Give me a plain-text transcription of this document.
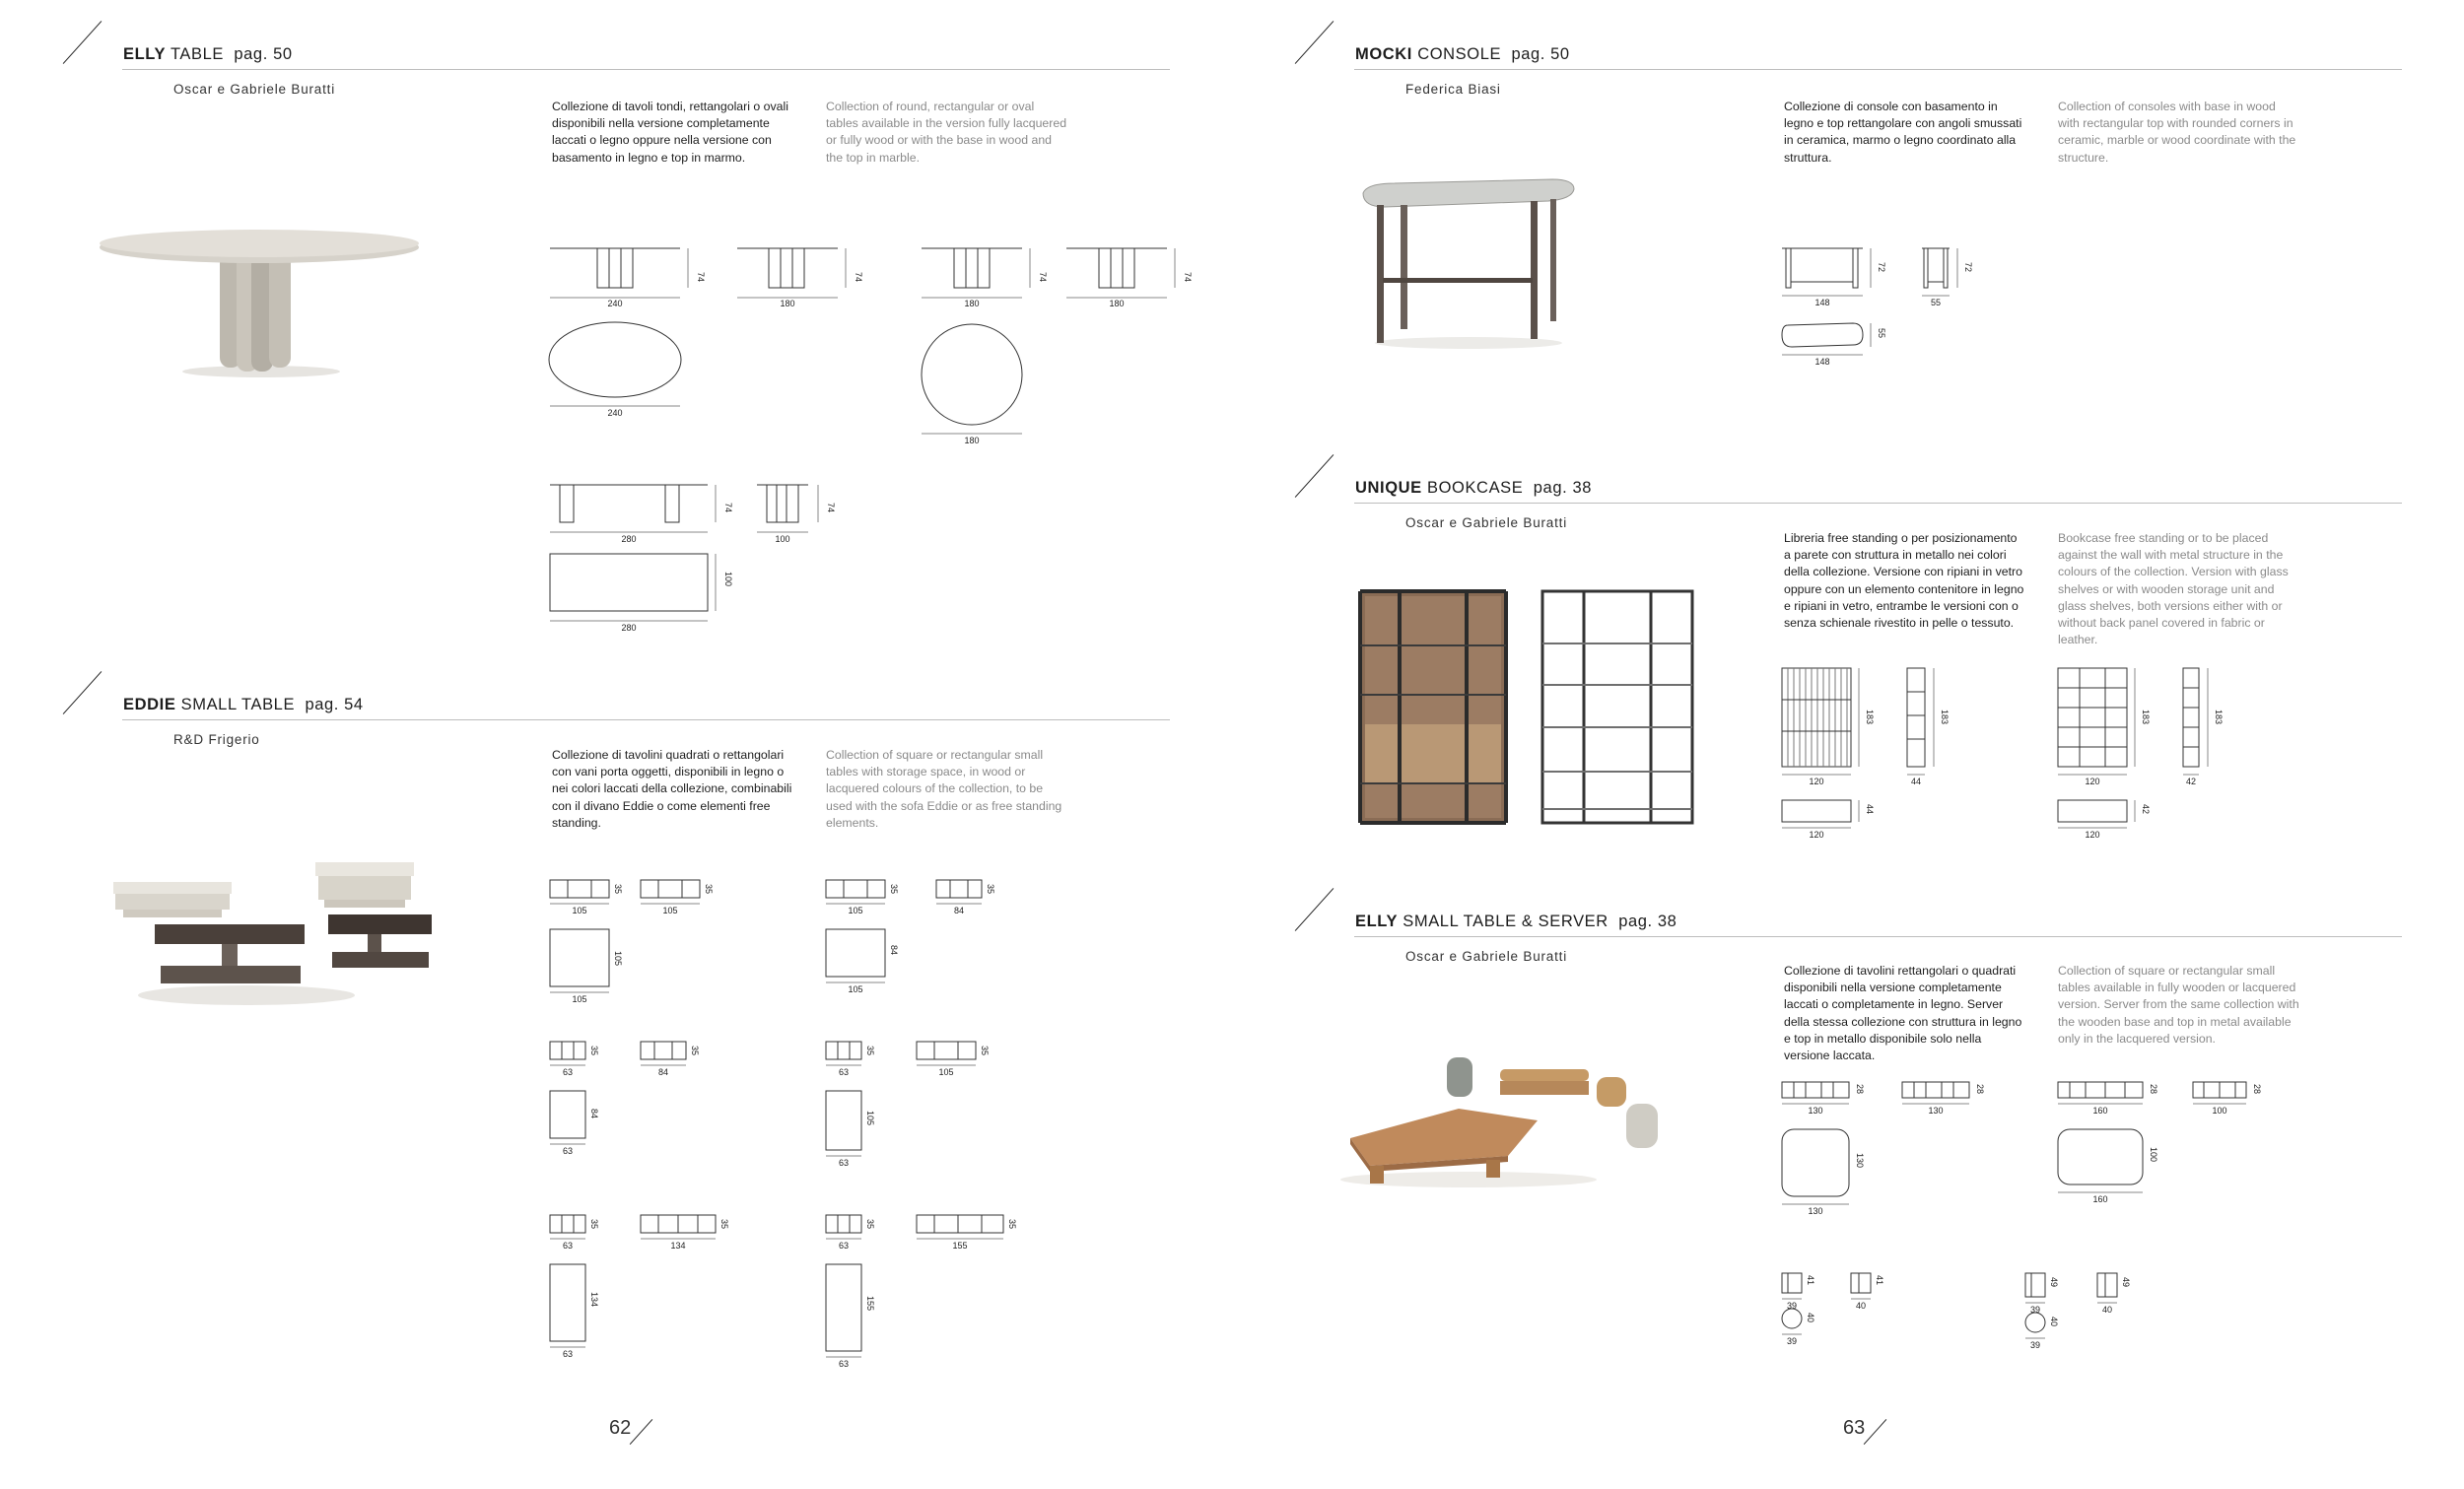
ELLY TABLE pag. 50
Oscar e Gabriele Buratti
Collezione di tavoli tondi, rettangolari o ovali disponibili nella versione completamente laccati o legno oppure nella versione con basamento in legno e top in marmo.
Collection of round, rectangular or oval tables available in the version fully lacquered or fully wood or with the base in wood and the top in marble.
240	180	180	180
74	74	74	74
240
180
280	100
74	74
280
100
EDDIE SMALL TABLE pag. 54
R&D Frigerio
Collezione di tavolini quadrati o rettangolari con vani porta oggetti, disponibili in legno o nei colori laccati della collezione, combinabili con il divano Eddie o come elementi free standing.
Collection of square or rectangular small tables with storage space, in wood or lacquered colours of the collection, to be used with the sofa Eddie or as free standing elements.
105	105	105	84
35	35	35	35
105
105
105
84
63	84	63	105
35	35	35	35
63
84
63
105
63	134	63	155
35	35	35	35
63
134
63
155
62
MOCKI CONSOLE pag. 50
Federica Biasi
Collezione di console con basamento in legno e top rettangolare con angoli smussati in ceramica, marmo o legno coordinato alla struttura.
Collection of consoles with base in wood with rectangular top with rounded corners in ceramic, marble or wood coordinate with the structure.
148	55
72	72
148
55
UNIQUE BOOKCASE pag. 38
Oscar e Gabriele Buratti
Libreria free standing o per posizionamento a parete con struttura in metallo nei colori della collezione. Versione con ripiani in vetro oppure con un elemento contenitore in legno e ripiani in vetro, entrambe le versioni con o senza schienale rivestito in pelle o tessuto.
Bookcase free standing or to be placed against the wall with metal structure in the colours of the collection. Version with glass shelves or with wooden storage unit and glass shelves, both versions either with or without back panel covered in fabric or leather.
120
183
44
183
120
44
120
183
42
183
120
42
ELLY SMALL TABLE & SERVER pag. 38
Oscar e Gabriele Buratti
Collezione di tavolini rettangolari o quadrati disponibili nella versione completamente laccati o completamente in legno. Server della stessa collezione con struttura in legno e top in metallo disponibile solo nella versione laccata.
Collection of square or rectangular small tables available in fully wooden or lacquered version. Server from the same collection with the wooden base and top in metal available only in the lacquered version.
130
28
130
28
160
28
100
28
130
130
160
100
39
41
40
41
39
40
39
49
40
49
39
40
63
